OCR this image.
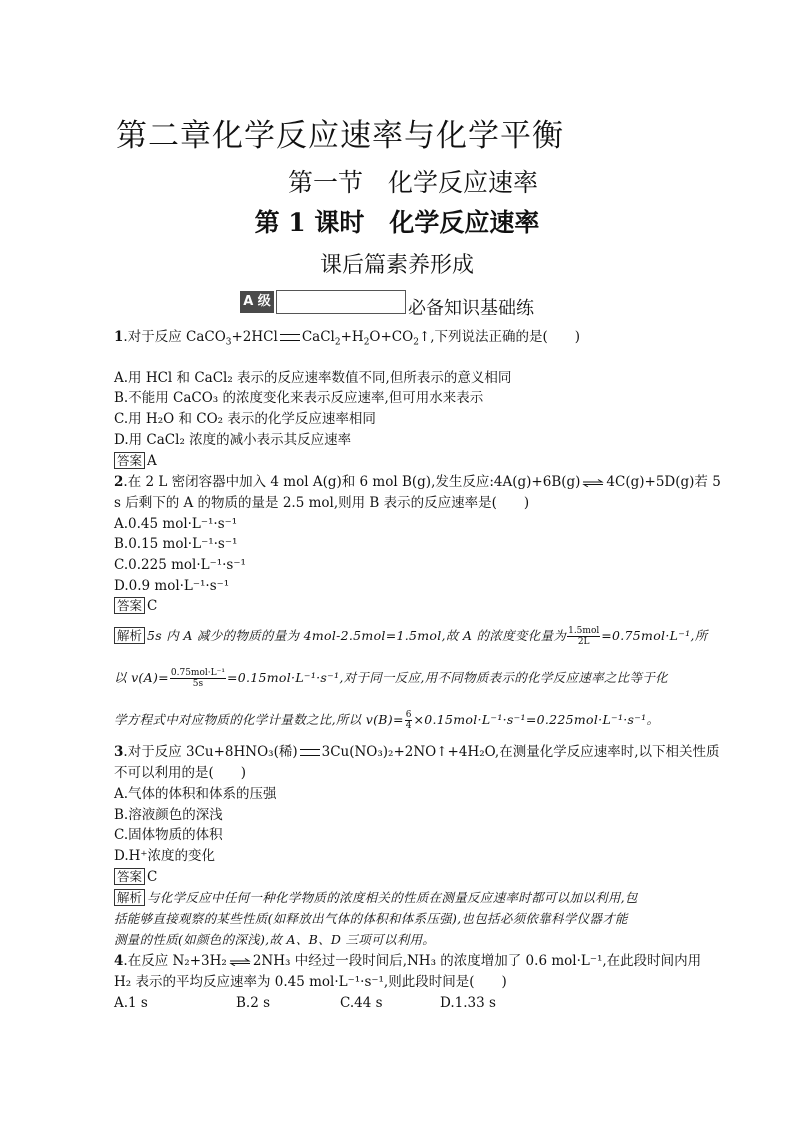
第二章化学反应速率与化学平衡
第一节　化学反应速率
第 1 课时　化学反应速率
课后篇素养形成
A 级	必备知识基础练
1.对于反应 CaCO$_3$+2HCl $CaCl_2+H_2O+CO_2↑$,下列说法正确的是(　　)
A.用 HCl 和 CaCl₂ 表示的反应速率数值不同,但所表示的意义相同
B.不能用 CaCO₃ 的浓度变化来表示反应速率,但可用水来表示
C.用 H₂O 和 CO₂ 表示的化学反应速率相同
D.用 CaCl₂ 浓度的减小表示其反应速率
答案 A
2.在 2 L 密闭容器中加入 4 mol A(g)和 6 mol B(g),发生反应:4A(g)+6B(g) ⇌ 4C(g)+5D(g)若 5
s 后剩下的 A 的物质的量是 2.5 mol,则用 B 表示的反应速率是(　　)
A.0.45 mol·L⁻¹·s⁻¹
B.0.15 mol·L⁻¹·s⁻¹
C.0.225 mol·L⁻¹·s⁻¹
D.0.9 mol·L⁻¹·s⁻¹
答案 C
解析 5s 内 A 减少的物质的量为 4mol-2.5mol=1.5mol,故 A 的浓度变化量为 $\frac{\text{1.5mol}}{2L} =0.75mol\cdot L^{-1}$,所
以 $v(A)= \frac{\text{0.75mol·L⁻¹}}{5s} =0.15mol\cdot L^{-1}\cdot s^{-1}$,对于同一反应,用不同物质表示的化学反应速率之比等于化
学方程式中对应物质的化学计量数之比,所以 $v(B)= \frac{6}{4} \times 0.15mol\cdot L^{-1}\cdot s^{-1}=0.225mol\cdot L^{-1}\cdot s^{-1}$。
3.对于反应 3Cu+8HNO₃(稀) 3Cu(NO₃)₂+2NO↑+4H₂O,在测量化学反应速率时,以下相关性质
不可以利用的是(　　)
A.气体的体积和体系的压强
B.溶液颜色的深浅
C.固体物质的体积
D.H⁺浓度的变化
答案 C
解析 与化学反应中任何一种化学物质的浓度相关的性质在测量反应速率时都可以加以利用,包
括能够直接观察的某些性质(如释放出气体的体积和体系压强),也包括必须依靠科学仪器才能
测量的性质(如颜色的深浅),故 A、B、D 三项可以利用。
4.在反应 N₂+3H₂ ⇌ 2NH₃ 中经过一段时间后,NH₃ 的浓度增加了 0.6 mol·L⁻¹,在此段时间内用
H₂ 表示的平均反应速率为 0.45 mol·L⁻¹·s⁻¹,则此段时间是(　　)
A.1 s	B.2 s	C.44 s	D.1.33 s
